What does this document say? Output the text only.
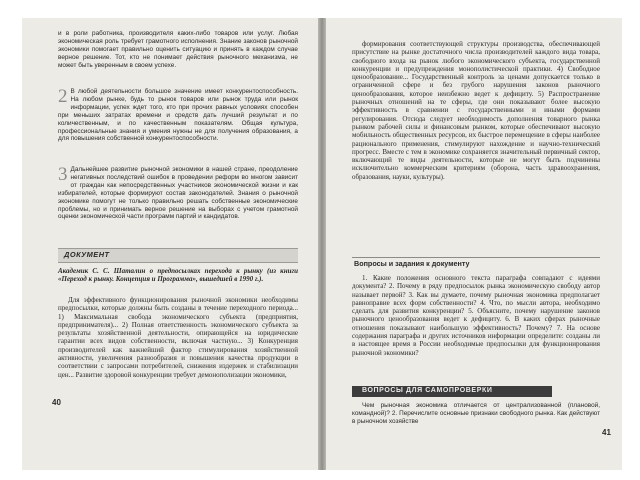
и в роли работника, производителя каких-либо товаров или услуг. Любая экономическая роль требует грамотного исполнения. Знание законов рыночной экономики помогает правильно оценить ситуацию и принять в каждом случае верное решение. Тот, кто не понимает действия рыночного механизма, не может быть уверенным в своем успехе.

2 В любой деятельности большое значение имеет конкурентоспособность. На любом рынке, будь то рынок товаров или рынок труда или рынок информации, успех ждет того, кто при прочих равных условиях способен при меньших затратах времени и средств дать лучший результат и по количественным, и по качественным показателям. Общая культура, профессиональные знания и умения нужны не для получения образования, а для повышения собственной конкурентоспособности.

3 Дальнейшее развитие рыночной экономики в нашей стране, преодоление негативных последствий ошибок в проведении реформ во многом зависит от граждан как непосредственных участников экономической жизни и как избирателей, которые формируют состав законодателей. Знания о рыночной экономике помогут не только правильно решать собственные экономические проблемы, но и принимать верное решение на выборах с учетом грамотной оценки экономической части программ партий и кандидатов.

ДОКУМЕНТ

Академик С. С. Шаталин о предпосылках перехода к рынку (из книги «Переход к рынку. Концепция и Программа», вышедшей в 1990 г.).

Для эффективного функционирования рыночной экономики необходимы предпосылки, которые должны быть созданы в течение переходного периода... 1) Максимальная свобода экономического субъекта (предприятия, предпринимателя)... 2) Полная ответственность экономического субъекта за результаты хозяйственной деятельности, опирающейся на юридические гарантии всех видов собственности, включая частную... 3) Конкуренция производителей как важнейший фактор стимулирования хозяйственной активности, увеличения разнообразия и повышения качества продукции в соответствии с запросами потребителей, снижения издержек и стабилизации цен... Развитие здоровой конкуренции требует демонополизации экономики,

40

формирования соответствующей структуры производства, обеспечивающей присутствие на рынке достаточного числа производителей каждого вида товара, свободного входа на рынок любого экономического субъекта, государственной конкуренции и предупреждения монополистической практики. 4) Свободное ценообразование... Государственный контроль за ценами допускается только в ограниченной сфере и без грубого нарушения законов рыночного ценообразования, которое неизбежно ведет к дефициту. 5) Распространение рыночных отношений на те сферы, где они показывают более высокую эффективность в сравнении с государственными и иными формами регулирования. Отсюда следует необходимость дополнения товарного рынка рынком рабочей силы и финансовым рынком, которые обеспечивают высокую мобильность общественных ресурсов, их быстрое перемещение в сферы наиболее рационального применения, стимулируют нахождение и научно-технический прогресс. Вместе с тем в экономике сохраняется значительный первичный сектор, включающий те виды деятельности, которые не могут быть подчинены исключительно коммерческим критериям (оборона, часть здравоохранения, образования, науки, культуры).

Вопросы и задания к документу

1. Какие положения основного текста параграфа совпадают с идеями документа? 2. Почему в ряду предпосылок рынка экономическую свободу автор называет первой? 3. Как вы думаете, почему рыночная экономика предполагает равноправие всех форм собственности? 4. Что, по мысли автора, необходимо сделать для развития конкуренции? 5. Объясните, почему нарушение законов рыночного ценообразования ведет к дефициту. 6. В каких сферах рыночные отношения показывают наибольшую эффективность? Почему? 7. На основе содержания параграфа и других источников информации определите: созданы ли в настоящее время в России необходимые предпосылки для функционирования рыночной экономики?

ВОПРОСЫ ДЛЯ САМОПРОВЕРКИ

Чем рыночная экономика отличается от централизованной (плановой, командной)? 2. Перечислите основные признаки свободного рынка. Как действуют в рыночном хозяйстве

41
